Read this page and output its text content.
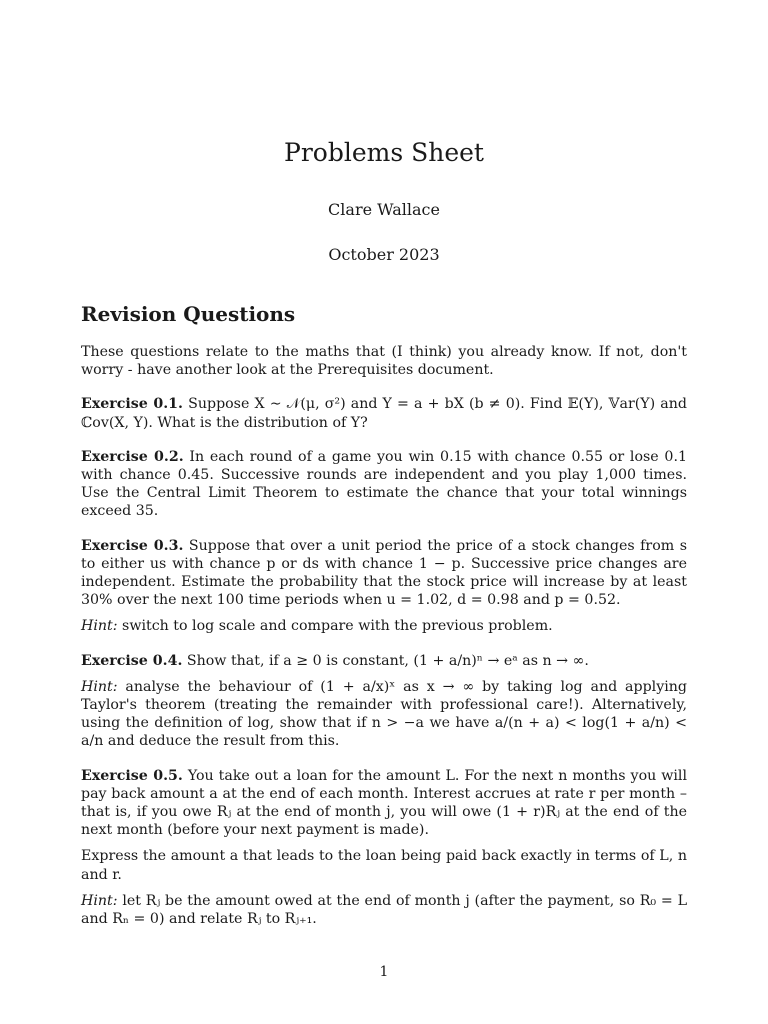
Problems Sheet
Clare Wallace
October 2023
Revision Questions

These questions relate to the maths that (I think) you already know. If not, don't worry - have another look at the Prerequisites document.

Exercise 0.1. Suppose X ∼ 𝒩(μ, σ²) and Y = a + bX (b ≠ 0). Find 𝔼(Y), 𝕍ar(Y) and ℂov(X, Y). What is the distribution of Y?

Exercise 0.2. In each round of a game you win 0.15 with chance 0.55 or lose 0.1 with chance 0.45. Successive rounds are independent and you play 1,000 times. Use the Central Limit Theorem to estimate the chance that your total winnings exceed 35.

Exercise 0.3. Suppose that over a unit period the price of a stock changes from s to either us with chance p or ds with chance 1 − p. Successive price changes are independent. Estimate the probability that the stock price will increase by at least 30% over the next 100 time periods when u = 1.02, d = 0.98 and p = 0.52.

Hint: switch to log scale and compare with the previous problem.

Exercise 0.4. Show that, if a ≥ 0 is constant, (1 + a/n)ⁿ → eᵃ as n → ∞.

Hint: analyse the behaviour of (1 + a/x)ˣ as x → ∞ by taking log and applying Taylor's theorem (treating the remainder with professional care!). Alternatively, using the definition of log, show that if n > −a we have a/(n + a) < log(1 + a/n) < a/n and deduce the result from this.

Exercise 0.5. You take out a loan for the amount L. For the next n months you will pay back amount a at the end of each month. Interest accrues at rate r per month – that is, if you owe Rⱼ at the end of month j, you will owe (1 + r)Rⱼ at the end of the next month (before your next payment is made).

Express the amount a that leads to the loan being paid back exactly in terms of L, n and r.

Hint: let Rⱼ be the amount owed at the end of month j (after the payment, so R₀ = L and Rₙ = 0) and relate Rⱼ to Rⱼ₊₁.

1
